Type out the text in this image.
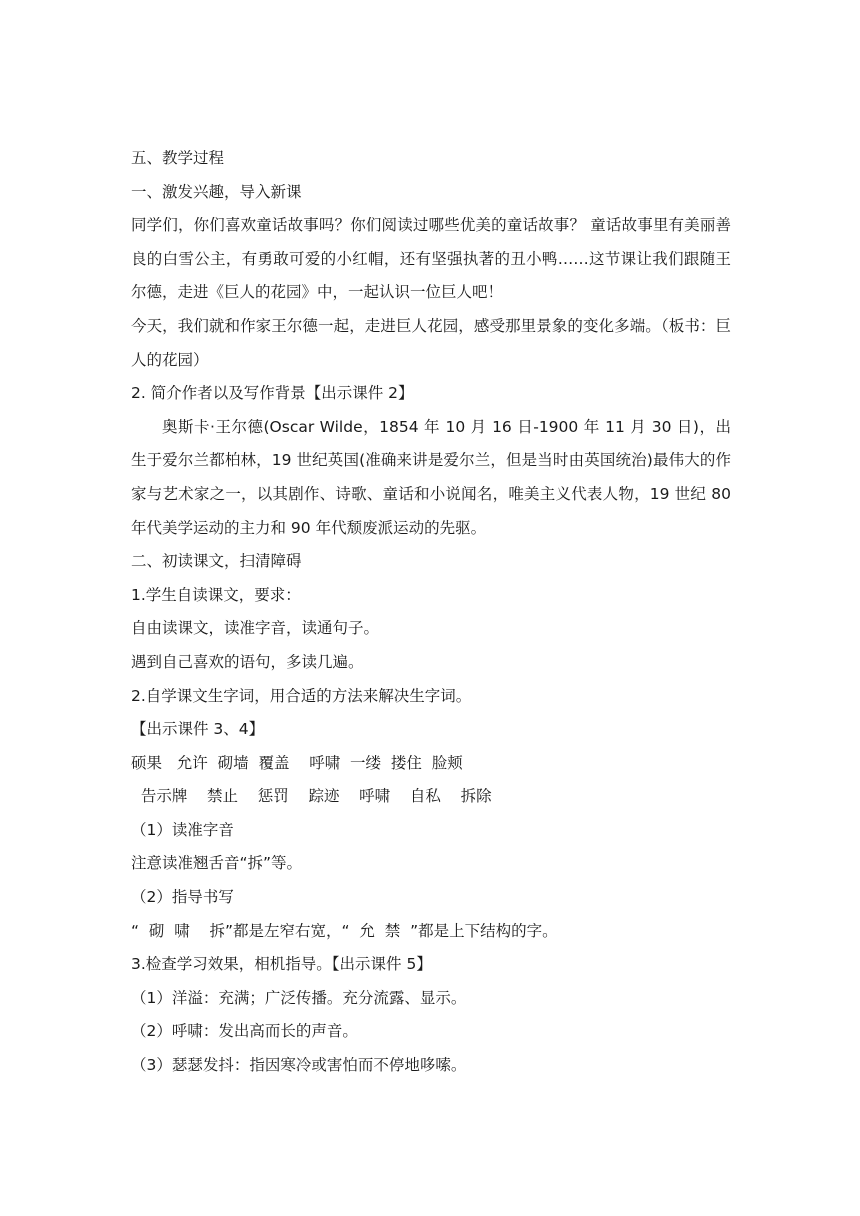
五、教学过程
一、激发兴趣，导入新课
同学们，你们喜欢童话故事吗？你们阅读过哪些优美的童话故事？ 童话故事里有美丽善良的白雪公主，有勇敢可爱的小红帽，还有坚强执著的丑小鸭……这节课让我们跟随王尔德，走进《巨人的花园》中，一起认识一位巨人吧！
今天，我们就和作家王尔德一起，走进巨人花园，感受那里景象的变化多端。（板书：巨人的花园）
2. 简介作者以及写作背景【出示课件 2】
奥斯卡·王尔德(Oscar Wilde，1854 年 10 月 16 日-1900 年 11 月 30 日)，出生于爱尔兰都柏林，19 世纪英国(准确来讲是爱尔兰，但是当时由英国统治)最伟大的作家与艺术家之一，以其剧作、诗歌、童话和小说闻名，唯美主义代表人物，19 世纪 80 年代美学运动的主力和 90 年代颓废派运动的先驱。
二、初读课文，扫清障碍
1.学生自读课文，要求：
自由读课文，读准字音，读通句子。
遇到自己喜欢的语句，多读几遍。
2.自学课文生字词，用合适的方法来解决生字词。
【出示课件 3、4】
硕果   允许  砌墙  覆盖    呼啸  一缕  搂住  脸颊
告示牌    禁止    惩罚    踪迹    呼啸    自私    拆除
（1）读准字音
注意读准翘舌音“拆”等。
（2）指导书写
“  砌  啸    拆”都是左窄右宽，“  允  禁  ”都是上下结构的字。
3.检查学习效果，相机指导。【出示课件 5】
（1）洋溢：充满；广泛传播。充分流露、显示。
（2）呼啸：发出高而长的声音。
（3）瑟瑟发抖：指因寒冷或害怕而不停地哆嗦。
